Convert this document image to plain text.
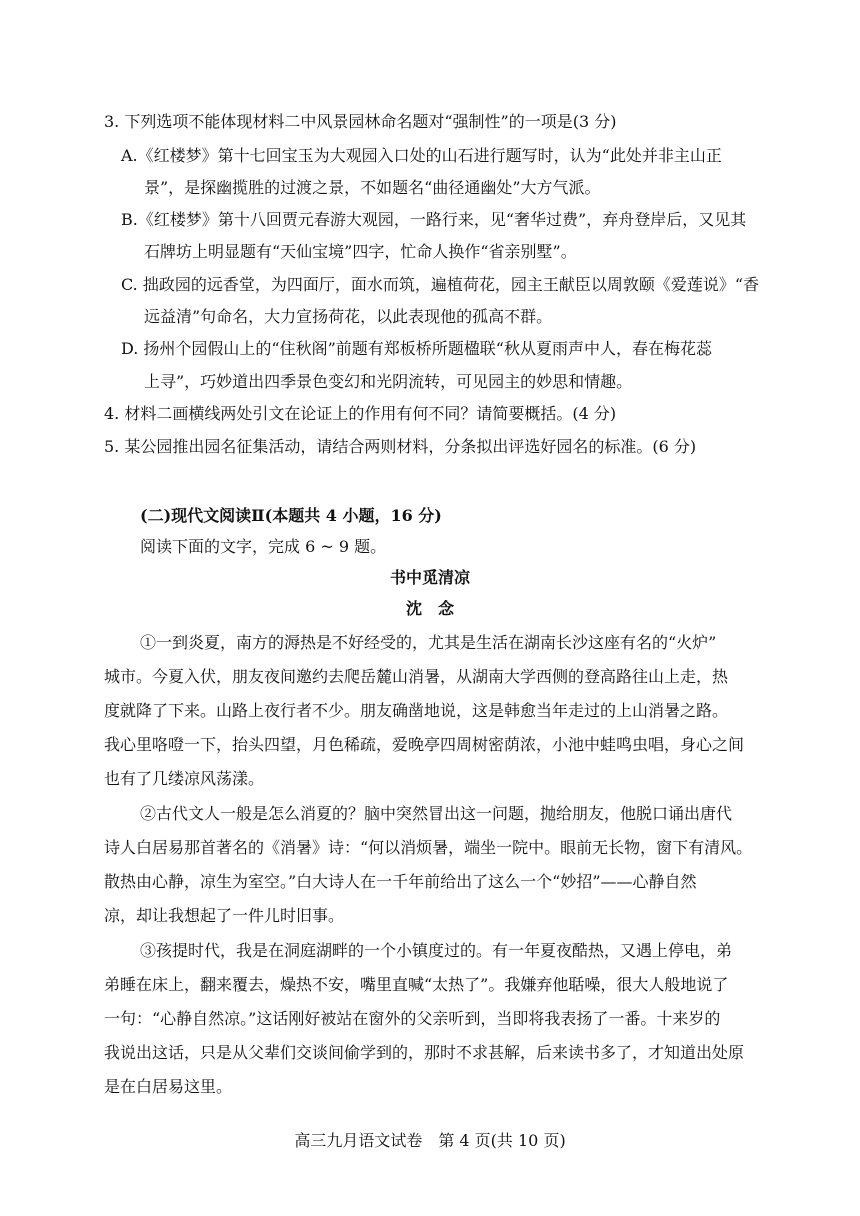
3. 下列选项不能体现材料二中风景园林命名题对“强制性”的一项是(3 分)
A.《红楼梦》第十七回宝玉为大观园入口处的山石进行题写时，认为“此处并非主山正
景”，是探幽揽胜的过渡之景，不如题名“曲径通幽处”大方气派。
B.《红楼梦》第十八回贾元春游大观园，一路行来，见“奢华过费”，弃舟登岸后，又见其
石牌坊上明显题有“天仙宝境”四字，忙命人换作“省亲别墅”。
C. 拙政园的远香堂，为四面厅，面水而筑，遍植荷花，园主王献臣以周敦颐《爱莲说》“香
远益清”句命名，大力宣扬荷花，以此表现他的孤高不群。
D. 扬州个园假山上的“住秋阁”前题有郑板桥所题楹联“秋从夏雨声中人，春在梅花蕊
上寻”，巧妙道出四季景色变幻和光阴流转，可见园主的妙思和情趣。
4. 材料二画横线两处引文在论证上的作用有何不同？请简要概括。(4 分)
5. 某公园推出园名征集活动，请结合两则材料，分条拟出评选好园名的标准。(6 分)
(二)现代文阅读Ⅱ(本题共 4 小题，16 分)
阅读下面的文字，完成 6 ~ 9 题。
书中觅清凉
沈　念
①一到炎夏，南方的溽热是不好经受的，尤其是生活在湖南长沙这座有名的“火炉”
城市。今夏入伏，朋友夜间邀约去爬岳麓山消暑，从湖南大学西侧的登高路往山上走，热
度就降了下来。山路上夜行者不少。朋友确凿地说，这是韩愈当年走过的上山消暑之路。
我心里咯噔一下，抬头四望，月色稀疏，爱晚亭四周树密荫浓，小池中蛙鸣虫唱，身心之间
也有了几缕凉风荡漾。
②古代文人一般是怎么消夏的？脑中突然冒出这一问题，抛给朋友，他脱口诵出唐代
诗人白居易那首著名的《消暑》诗：“何以消烦暑，端坐一院中。眼前无长物，窗下有清风。
散热由心静，凉生为室空。”白大诗人在一千年前给出了这么一个“妙招”——心静自然
凉，却让我想起了一件儿时旧事。
③孩提时代，我是在洞庭湖畔的一个小镇度过的。有一年夏夜酷热，又遇上停电，弟
弟睡在床上，翻来覆去，燥热不安，嘴里直喊“太热了”。我嫌弃他聒噪，很大人般地说了
一句：“心静自然凉。”这话刚好被站在窗外的父亲听到，当即将我表扬了一番。十来岁的
我说出这话，只是从父辈们交谈间偷学到的，那时不求甚解，后来读书多了，才知道出处原
是在白居易这里。
高三九月语文试卷　第 4 页(共 10 页)
